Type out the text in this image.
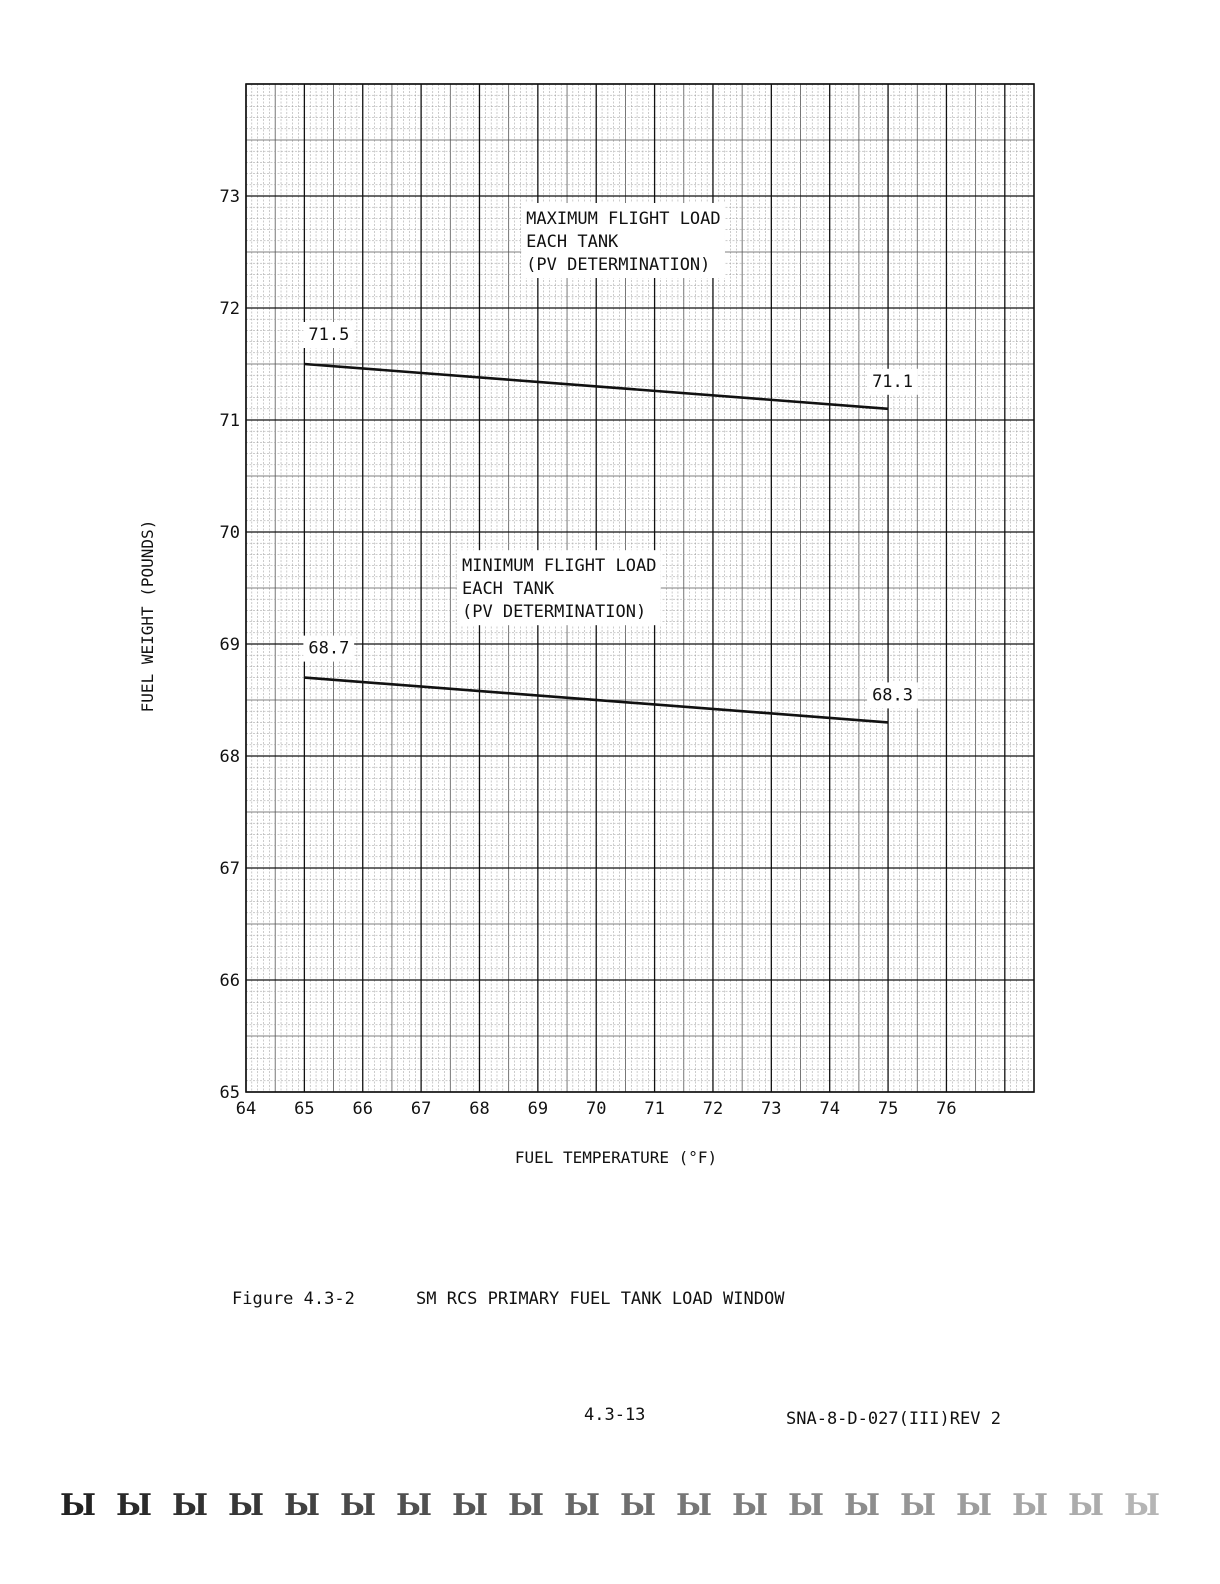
MAXIMUM FLIGHT LOAD
EACH TANK
(PV DETERMINATION)
MINIMUM FLIGHT LOAD
EACH TANK
(PV DETERMINATION)
71.5
71.1
68.7
68.3
64 65 66 67 68 69 70 71 72 73 74 75 76
65
66
67
68
69
70
71
72
73
FUEL TEMPERATURE (°F)
FUEL WEIGHT (POUNDS)
Figure 4.3-2	SM RCS PRIMARY FUEL TANK LOAD WINDOW
4.3-13	SNA-8-D-027(III)REV 2
Ы Ы Ы Ы Ы Ы Ы Ы Ы Ы Ы Ы Ы Ы Ы Ы Ы Ы Ы Ы
